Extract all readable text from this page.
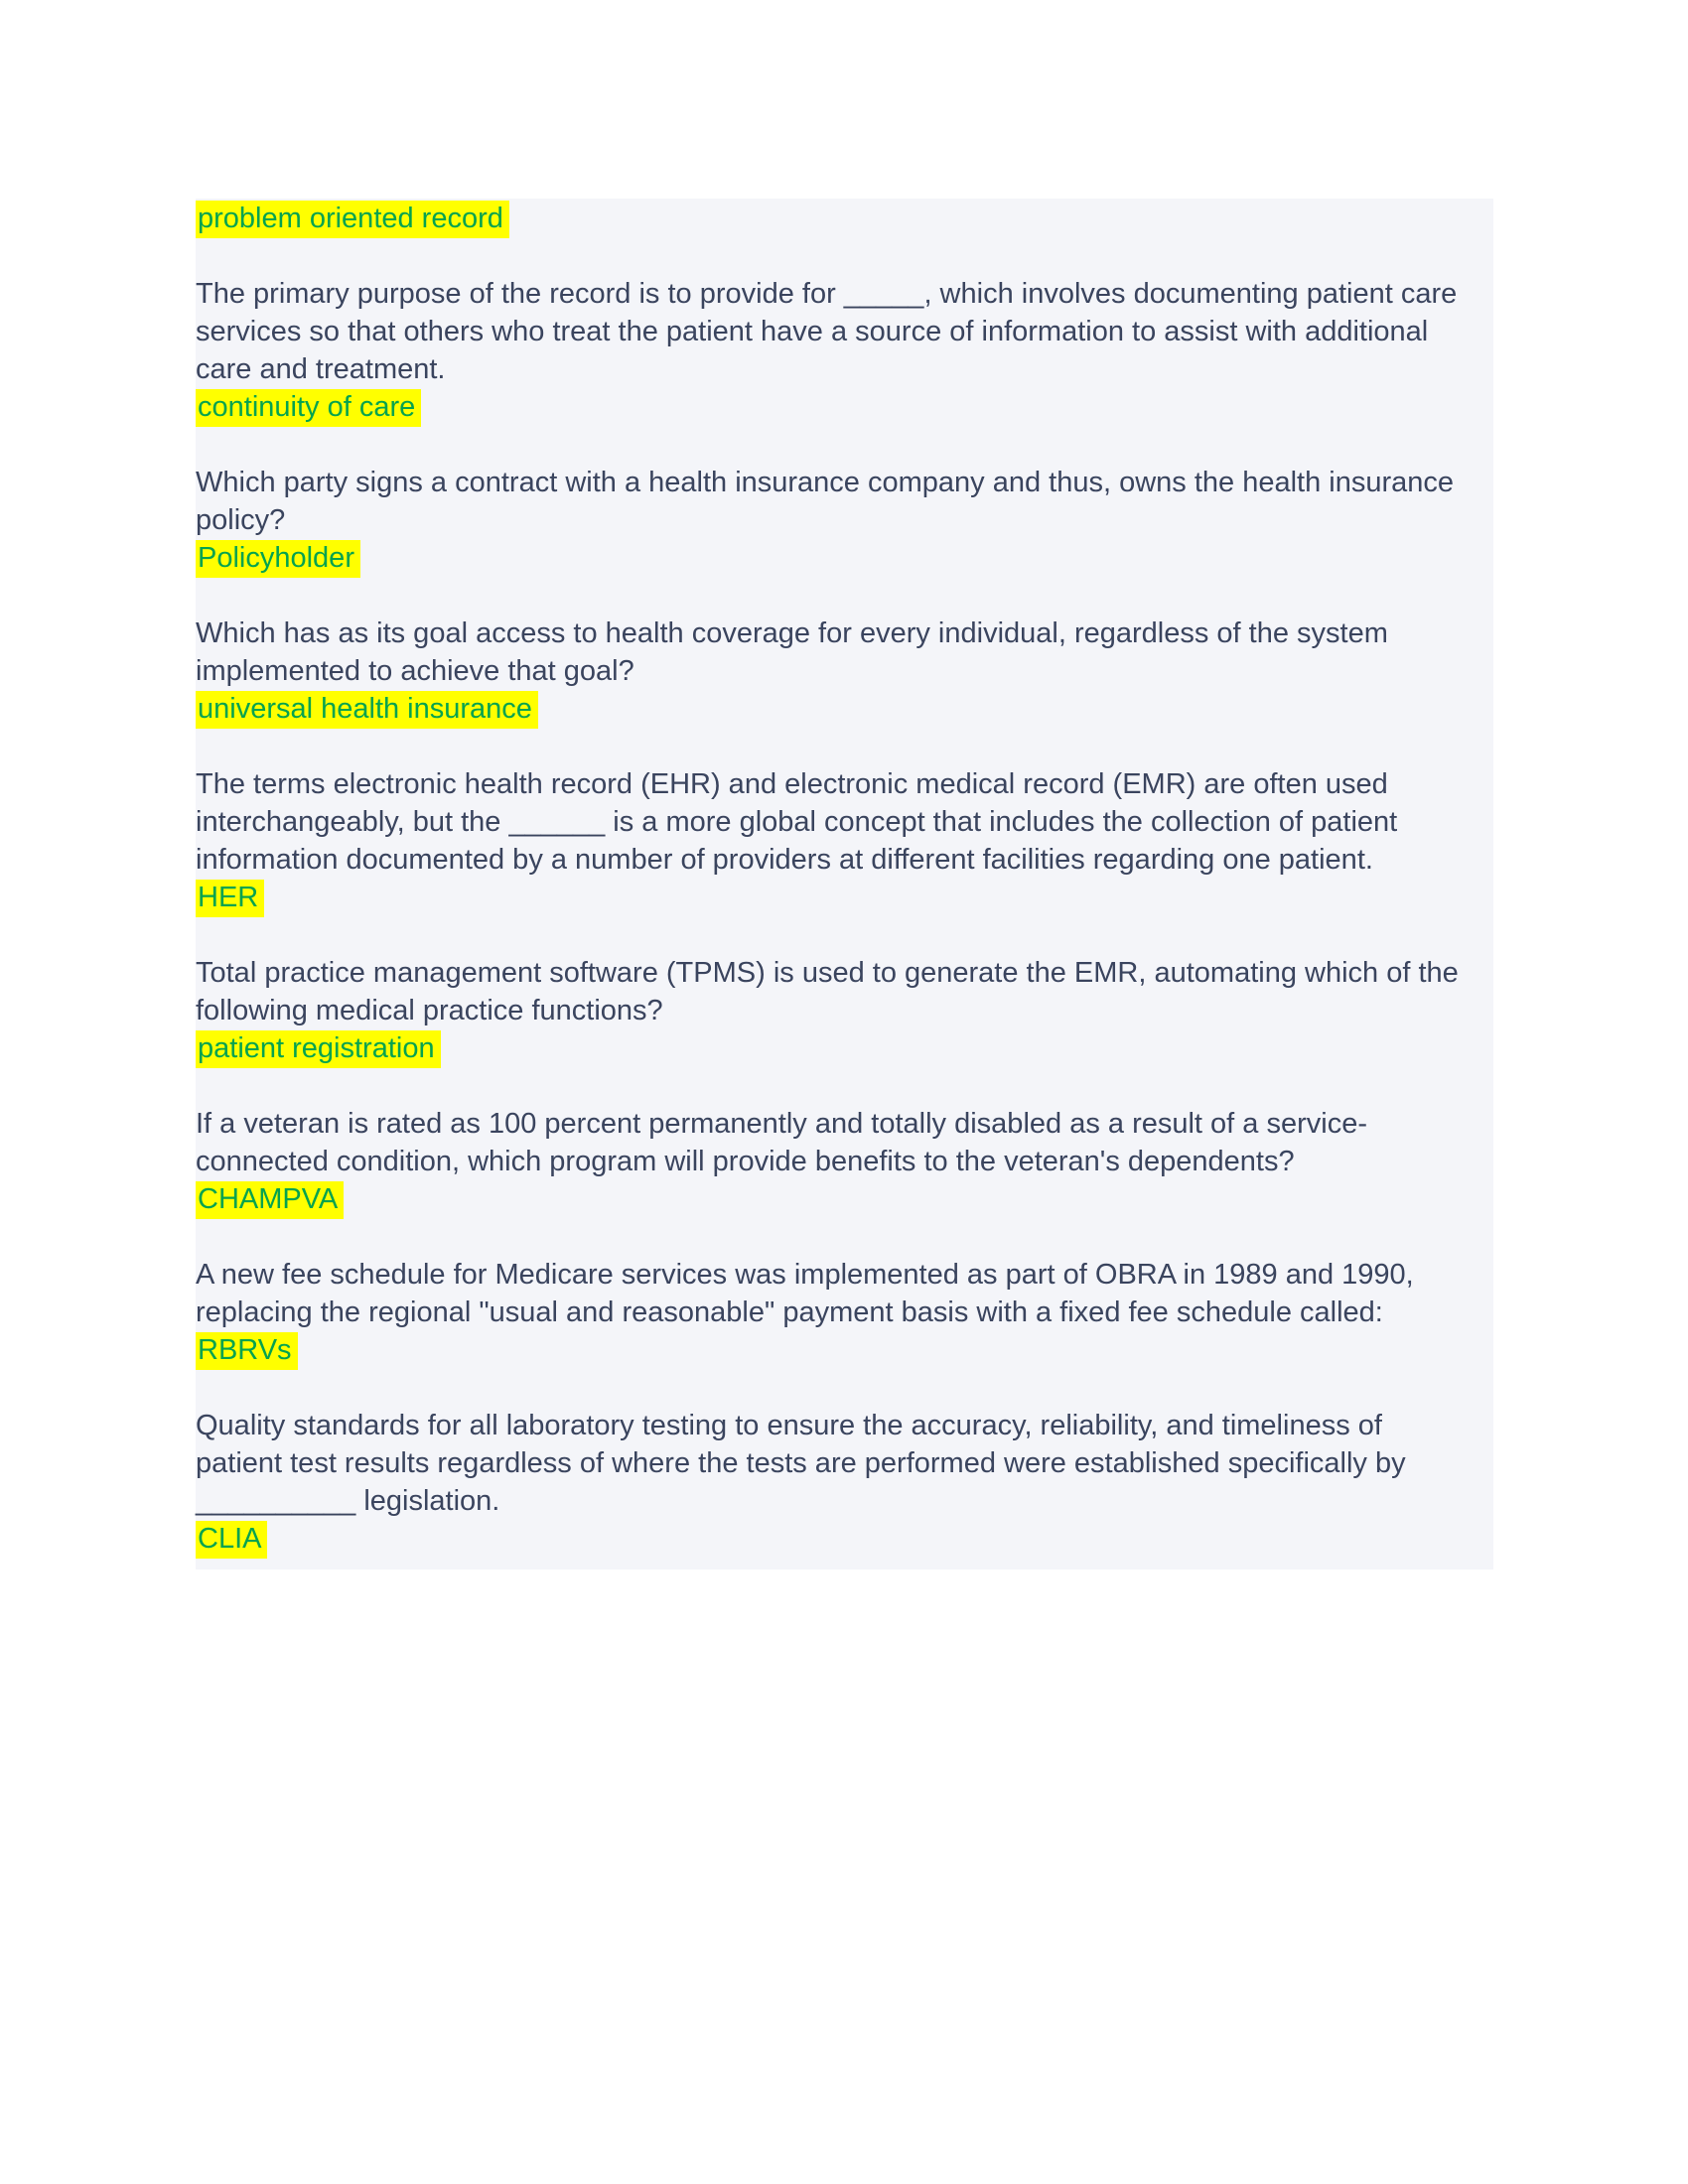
problem oriented record

The primary purpose of the record is to provide for _____, which involves documenting patient care services so that others who treat the patient have a source of information to assist with additional care and treatment.

continuity of care

Which party signs a contract with a health insurance company and thus, owns the health insurance policy?

Policyholder

Which has as its goal access to health coverage for every individual, regardless of the system implemented to achieve that goal?

universal health insurance

The terms electronic health record (EHR) and electronic medical record (EMR) are often used interchangeably, but the ______ is a more global concept that includes the collection of patient information documented by a number of providers at different facilities regarding one patient.

HER

Total practice management software (TPMS) is used to generate the EMR, automating which of the following medical practice functions?

patient registration

If a veteran is rated as 100 percent permanently and totally disabled as a result of a service-connected condition, which program will provide benefits to the veteran's dependents?

CHAMPVA

A new fee schedule for Medicare services was implemented as part of OBRA in 1989 and 1990, replacing the regional "usual and reasonable" payment basis with a fixed fee schedule called:

RBRVs

Quality standards for all laboratory testing to ensure the accuracy, reliability, and timeliness of patient test results regardless of where the tests are performed were established specifically by __________ legislation.

CLIA
